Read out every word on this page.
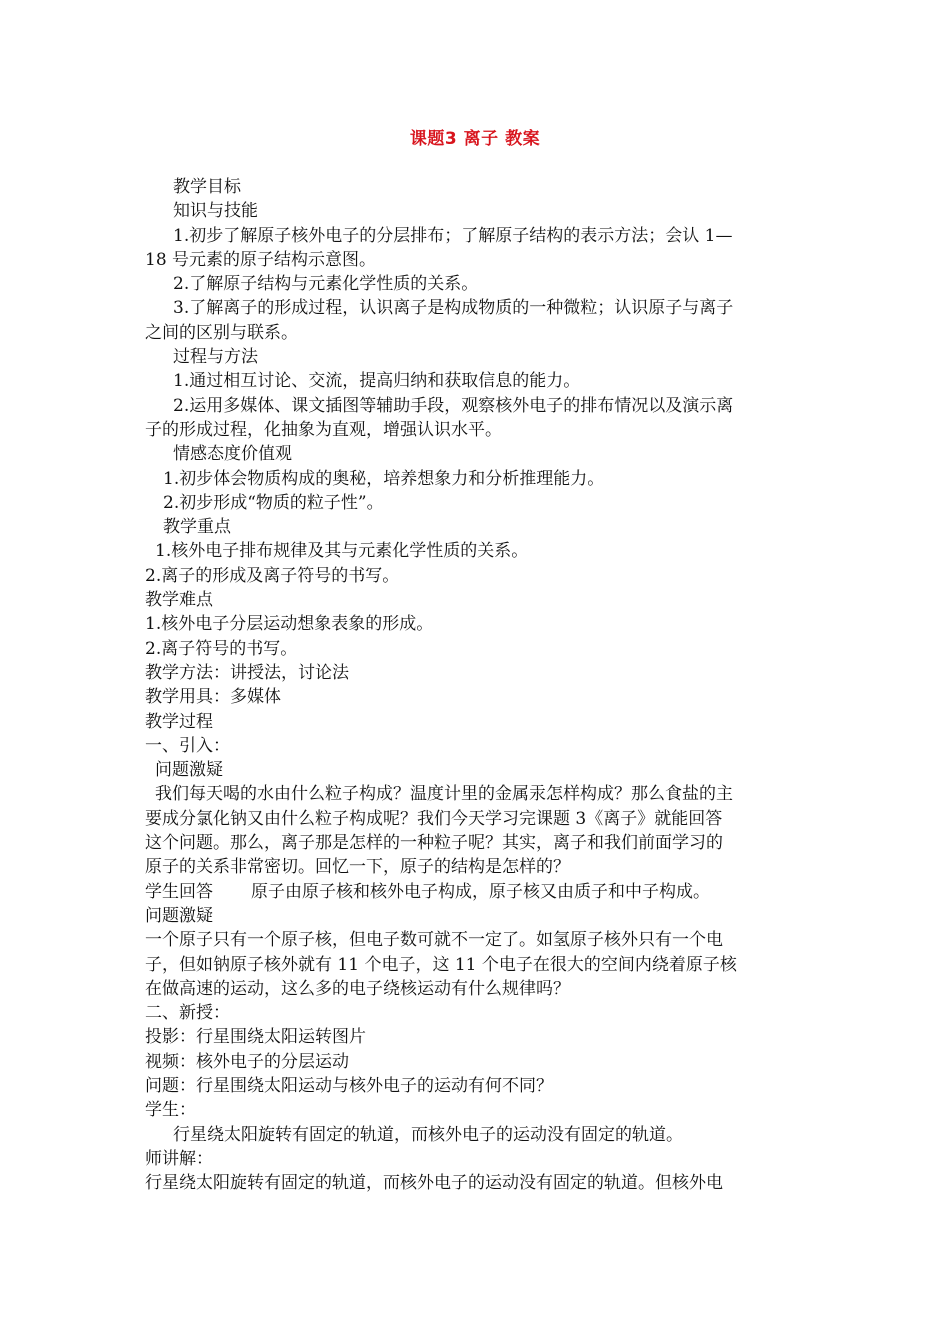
课题3 离子 教案
教学目标
知识与技能
1.初步了解原子核外电子的分层排布；了解原子结构的表示方法；会认 1—
18 号元素的原子结构示意图。
2.了解原子结构与元素化学性质的关系。
3.了解离子的形成过程，认识离子是构成物质的一种微粒；认识原子与离子
之间的区别与联系。
过程与方法
1.通过相互讨论、交流，提高归纳和获取信息的能力。
2.运用多媒体、课文插图等辅助手段，观察核外电子的排布情况以及演示离
子的形成过程，化抽象为直观，增强认识水平。
情感态度价值观
1.初步体会物质构成的奥秘，培养想象力和分析推理能力。
2.初步形成“物质的粒子性”。
教学重点
1.核外电子排布规律及其与元素化学性质的关系。
2.离子的形成及离子符号的书写。
教学难点
1.核外电子分层运动想象表象的形成。
2.离子符号的书写。
教学方法：讲授法，讨论法
教学用具：多媒体
教学过程
一、引入：
问题激疑
我们每天喝的水由什么粒子构成？温度计里的金属汞怎样构成？那么食盐的主
要成分氯化钠又由什么粒子构成呢？我们今天学习完课题 3《离子》就能回答
这个问题。那么，离子那是怎样的一种粒子呢？其实，离子和我们前面学习的
原子的关系非常密切。回忆一下，原子的结构是怎样的？
学生回答 原子由原子核和核外电子构成，原子核又由质子和中子构成。
问题激疑
一个原子只有一个原子核，但电子数可就不一定了。如氢原子核外只有一个电
子，但如钠原子核外就有 11 个电子，这 11 个电子在很大的空间内绕着原子核
在做高速的运动，这么多的电子绕核运动有什么规律吗？
二、新授：
投影：行星围绕太阳运转图片
视频：核外电子的分层运动
问题：行星围绕太阳运动与核外电子的运动有何不同？
学生：
行星绕太阳旋转有固定的轨道，而核外电子的运动没有固定的轨道。
师讲解：
行星绕太阳旋转有固定的轨道，而核外电子的运动没有固定的轨道。但核外电
